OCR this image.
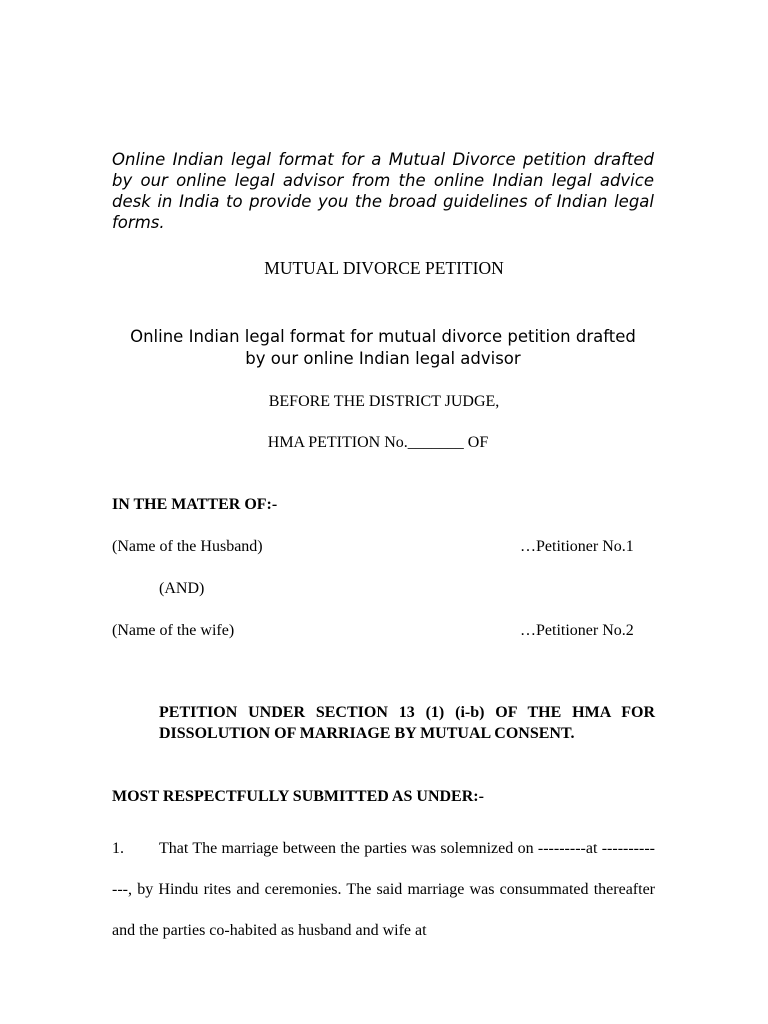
Online Indian legal format for a Mutual Divorce petition drafted by our online legal advisor from the online Indian legal advice desk in India to provide you the broad guidelines of Indian legal forms.
MUTUAL DIVORCE PETITION
Online Indian legal format for mutual divorce petition drafted
by our online Indian legal advisor
BEFORE THE DISTRICT JUDGE,
HMA PETITION No._______ OF
IN THE MATTER OF:-
(Name of the Husband)	…Petitioner No.1
(AND)
(Name of the wife)	…Petitioner No.2
PETITION UNDER SECTION 13 (1) (i-b) OF THE HMA FOR DISSOLUTION OF MARRIAGE BY MUTUAL CONSENT.
MOST RESPECTFULLY SUBMITTED AS UNDER:-

1. That The marriage between the parties was solemnized on ---------at -------------, by Hindu rites and ceremonies. The said marriage was consummated thereafter and the parties co-habited as husband and wife at
